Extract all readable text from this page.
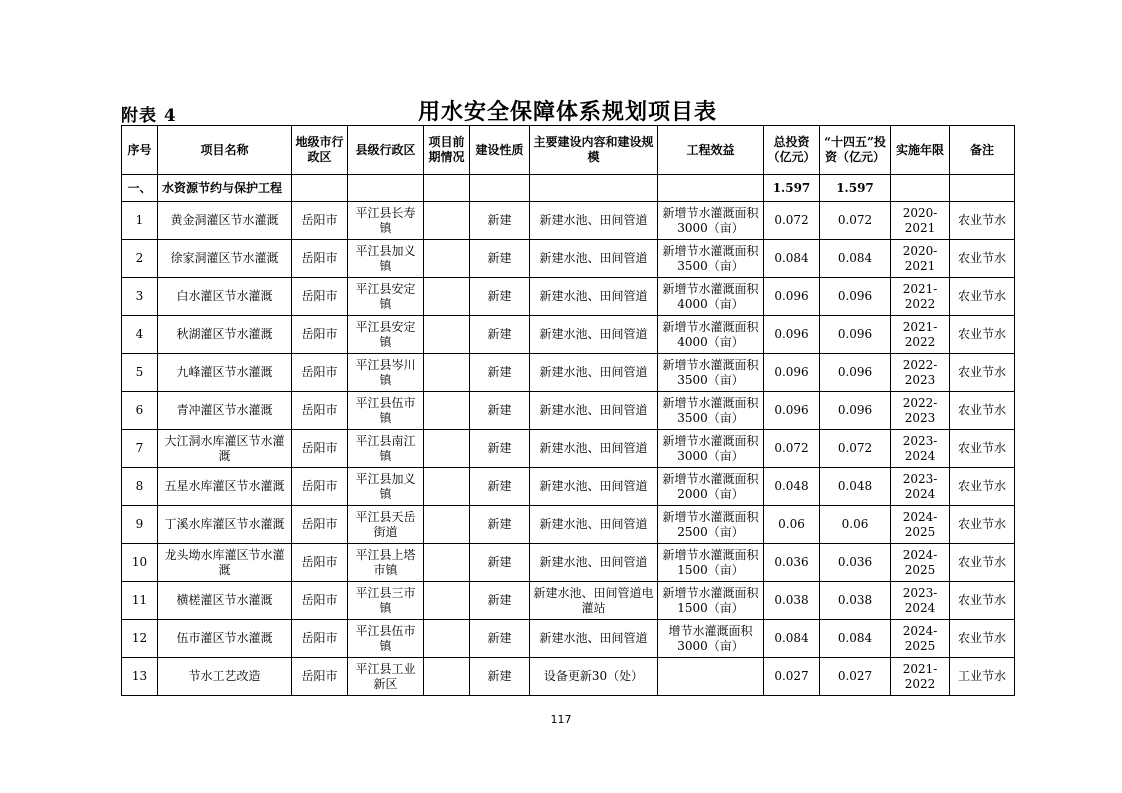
附表 4	用水安全保障体系规划项目表
序号	项目名称	地级市行政区	县级行政区	项目前期情况	建设性质	主要建设内容和建设规模	工程效益	总投资（亿元）	“十四五”投资（亿元）	实施年限	备注
一、	水资源节约与保护工程							1.597	1.597		
1	黄金洞灌区节水灌溉	岳阳市	平江县长寿镇		新建	新建水池、田间管道	新增节水灌溉面积3000（亩）	0.072	0.072	2020-2021	农业节水
2	徐家洞灌区节水灌溉	岳阳市	平江县加义镇		新建	新建水池、田间管道	新增节水灌溉面积3500（亩）	0.084	0.084	2020-2021	农业节水
3	白水灌区节水灌溉	岳阳市	平江县安定镇		新建	新建水池、田间管道	新增节水灌溉面积4000（亩）	0.096	0.096	2021-2022	农业节水
4	秋湖灌区节水灌溉	岳阳市	平江县安定镇		新建	新建水池、田间管道	新增节水灌溉面积4000（亩）	0.096	0.096	2021-2022	农业节水
5	九峰灌区节水灌溉	岳阳市	平江县岑川镇		新建	新建水池、田间管道	新增节水灌溉面积3500（亩）	0.096	0.096	2022-2023	农业节水
6	青冲灌区节水灌溉	岳阳市	平江县伍市镇		新建	新建水池、田间管道	新增节水灌溉面积3500（亩）	0.096	0.096	2022-2023	农业节水
7	大江洞水库灌区节水灌溉	岳阳市	平江县南江镇		新建	新建水池、田间管道	新增节水灌溉面积3000（亩）	0.072	0.072	2023-2024	农业节水
8	五星水库灌区节水灌溉	岳阳市	平江县加义镇		新建	新建水池、田间管道	新增节水灌溉面积2000（亩）	0.048	0.048	2023-2024	农业节水
9	丁溪水库灌区节水灌溉	岳阳市	平江县天岳街道		新建	新建水池、田间管道	新增节水灌溉面积2500（亩）	0.06	0.06	2024-2025	农业节水
10	龙头坳水库灌区节水灌溉	岳阳市	平江县上塔市镇		新建	新建水池、田间管道	新增节水灌溉面积1500（亩）	0.036	0.036	2024-2025	农业节水
11	横槎灌区节水灌溉	岳阳市	平江县三市镇		新建	新建水池、田间管道电灌站	新增节水灌溉面积1500（亩）	0.038	0.038	2023-2024	农业节水
12	伍市灌区节水灌溉	岳阳市	平江县伍市镇		新建	新建水池、田间管道	增节水灌溉面积3000（亩）	0.084	0.084	2024-2025	农业节水
13	节水工艺改造	岳阳市	平江县工业新区		新建	设备更新30（处）		0.027	0.027	2021-2022	工业节水
117
